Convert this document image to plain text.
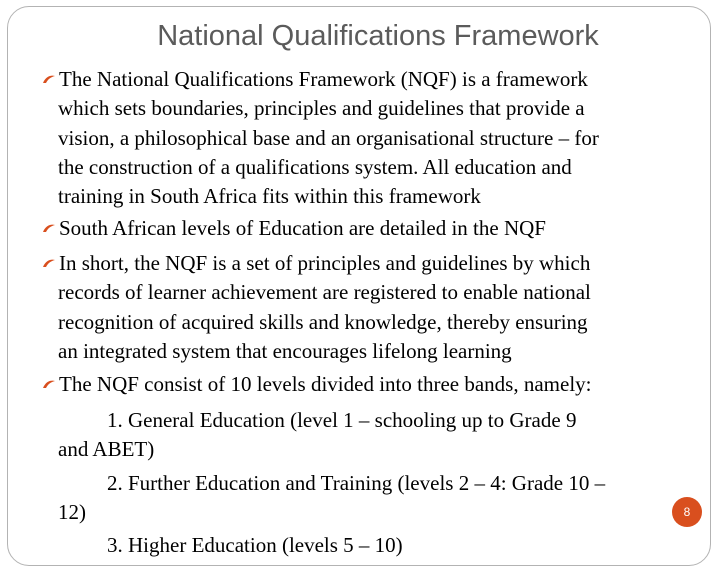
National Qualifications Framework
The National Qualifications Framework (NQF) is a framework
which sets boundaries, principles and guidelines that provide a
vision, a philosophical base and an organisational structure – for
the construction of a qualifications system. All education and
training in South Africa fits within this framework
South African levels of Education are detailed in the NQF
In short, the NQF is a set of principles and guidelines by which
records of learner achievement are registered to enable national
recognition of acquired skills and knowledge, thereby ensuring
an integrated system that encourages lifelong learning
The NQF consist of 10 levels divided into three bands, namely:
1. General Education (level 1 – schooling up to Grade 9
and ABET)
2. Further Education and Training (levels 2 – 4: Grade 10 –
12)
3. Higher Education (levels 5 – 10)
8
